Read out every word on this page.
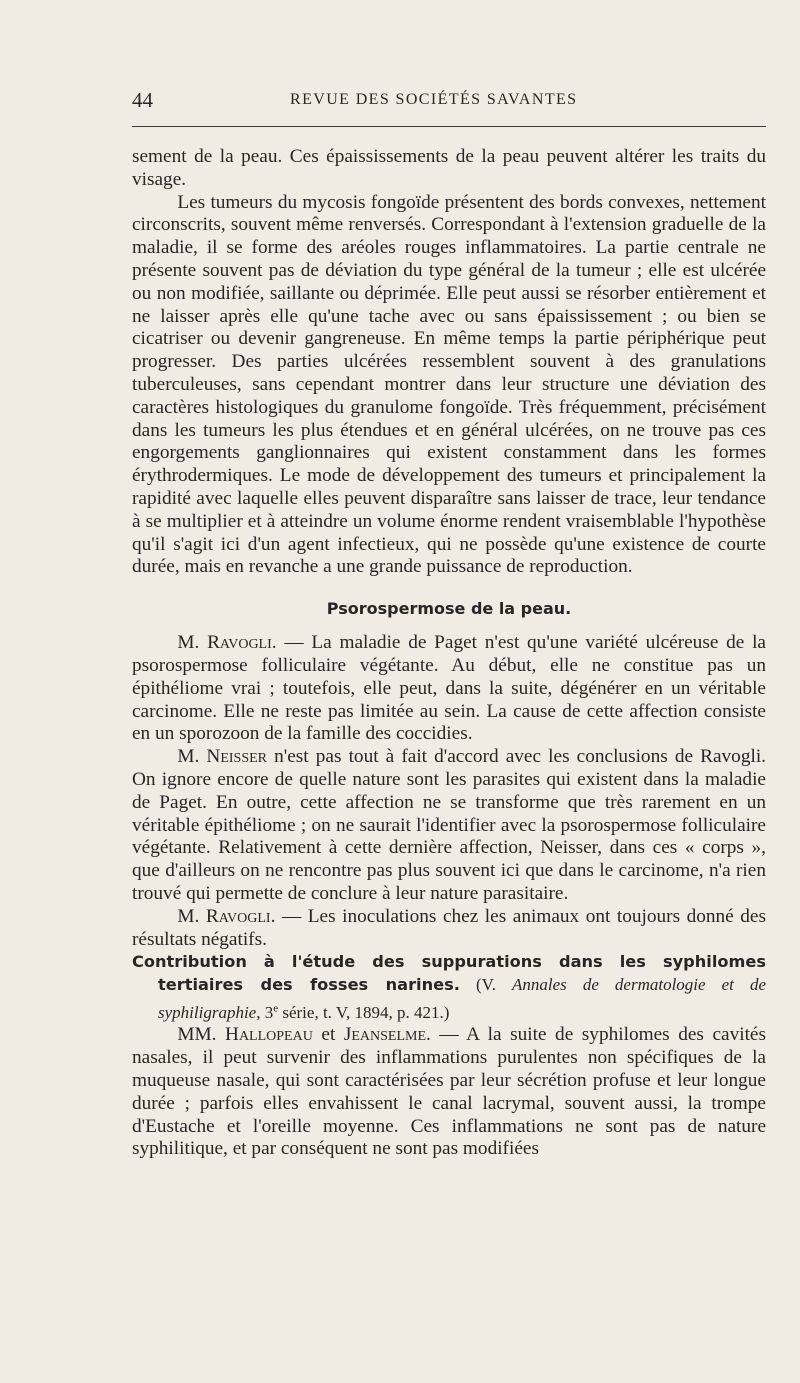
44	REVUE DES SOCIÉTÉS SAVANTES

sement de la peau. Ces épaississements de la peau peuvent altérer les traits du visage.

Les tumeurs du mycosis fongoïde présentent des bords convexes, nettement circonscrits, souvent même renversés. Correspondant à l'extension graduelle de la maladie, il se forme des aréoles rouges inflammatoires. La partie centrale ne présente souvent pas de déviation du type général de la tumeur ; elle est ulcérée ou non modifiée, saillante ou déprimée. Elle peut aussi se résorber entièrement et ne laisser après elle qu'une tache avec ou sans épaississement ; ou bien se cicatriser ou devenir gangreneuse. En même temps la partie périphérique peut progresser. Des parties ulcérées ressemblent souvent à des granulations tuberculeuses, sans cependant montrer dans leur structure une déviation des caractères histologiques du granulome fongoïde. Très fréquemment, précisément dans les tumeurs les plus étendues et en général ulcérées, on ne trouve pas ces engorgements ganglionnaires qui existent constamment dans les formes érythrodermiques. Le mode de développement des tumeurs et principalement la rapidité avec laquelle elles peuvent disparaître sans laisser de trace, leur tendance à se multiplier et à atteindre un volume énorme rendent vraisemblable l'hypothèse qu'il s'agit ici d'un agent infectieux, qui ne possède qu'une existence de courte durée, mais en revanche a une grande puissance de reproduction.

Psorospermose de la peau.

M. Ravogli. — La maladie de Paget n'est qu'une variété ulcéreuse de la psorospermose folliculaire végétante. Au début, elle ne constitue pas un épithéliome vrai ; toutefois, elle peut, dans la suite, dégénérer en un véritable carcinome. Elle ne reste pas limitée au sein. La cause de cette affection consiste en un sporozoon de la famille des coccidies.

M. Neisser n'est pas tout à fait d'accord avec les conclusions de Ravogli. On ignore encore de quelle nature sont les parasites qui existent dans la maladie de Paget. En outre, cette affection ne se transforme que très rarement en un véritable épithéliome ; on ne saurait l'identifier avec la psorospermose folliculaire végétante. Relativement à cette dernière affection, Neisser, dans ces « corps », que d'ailleurs on ne rencontre pas plus souvent ici que dans le carcinome, n'a rien trouvé qui permette de conclure à leur nature parasitaire.

M. Ravogli. — Les inoculations chez les animaux ont toujours donné des résultats négatifs.

Contribution à l'étude des suppurations dans les syphilomes tertiaires des fosses narines. (V. Annales de dermatologie et de syphiligraphie, 3e série, t. V, 1894, p. 421.)

MM. Hallopeau et Jeanselme. — A la suite de syphilomes des cavités nasales, il peut survenir des inflammations purulentes non spécifiques de la muqueuse nasale, qui sont caractérisées par leur sécrétion profuse et leur longue durée ; parfois elles envahissent le canal lacrymal, souvent aussi, la trompe d'Eustache et l'oreille moyenne. Ces inflammations ne sont pas de nature syphilitique, et par conséquent ne sont pas modifiées
